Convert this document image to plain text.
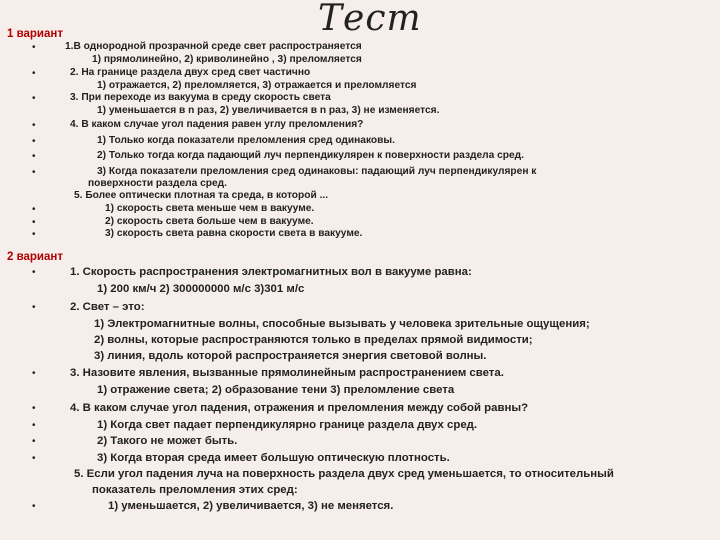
Тест
1 вариант
•
•
•
•
•
•
•
•
•
•
1.В однородной прозрачной среде свет распространяется
1) прямолинейно, 2) криволинейно , 3) преломляется
2. На границе раздела двух сред свет частично
1) отражается, 2) преломляется, 3) отражается и преломляется
3. При переходе из вакуума в среду скорость света
1) уменьшается в n раз, 2) увеличивается в n раз, 3) не изменяется.
4. В каком случае угол падения равен углу преломления?
1) Только когда показатели преломления сред одинаковы.
2) Только тогда когда падающий луч перпендикулярен к поверхности раздела сред.
3) Когда показатели преломления сред одинаковы: падающий луч перпендикулярен к
поверхности раздела сред.
5. Более оптически плотная та среда, в которой ...
1) скорость света меньше чем в вакууме.
2) скорость света больше чем в вакууме.
3) скорость света равна скорости света в вакууме.
2 вариант
•
•
•
•
•
•
•
•
1. Скорость распространения электромагнитных вол в вакууме равна:
1) 200 км/ч 2) 300000000 м/с 3)301 м/с
2. Свет – это:
1) Электромагнитные волны, способные вызывать у человека зрительные ощущения;
2) волны, которые распространяются только в пределах прямой видимости;
3) линия, вдоль которой распространяется энергия световой волны.
3. Назовите явления, вызванные прямолинейным распространением света.
1) отражение света; 2) образование тени 3) преломление света
4. В каком случае угол падения, отражения и преломления между собой равны?
1) Когда свет падает перпендикулярно границе раздела двух сред.
2) Такого не может быть.
3) Когда вторая среда имеет большую оптическую плотность.
5. Если угол падения луча на поверхность раздела двух сред уменьшается, то относительный
показатель преломления этих сред:
1) уменьшается, 2) увеличивается, 3) не меняется.
